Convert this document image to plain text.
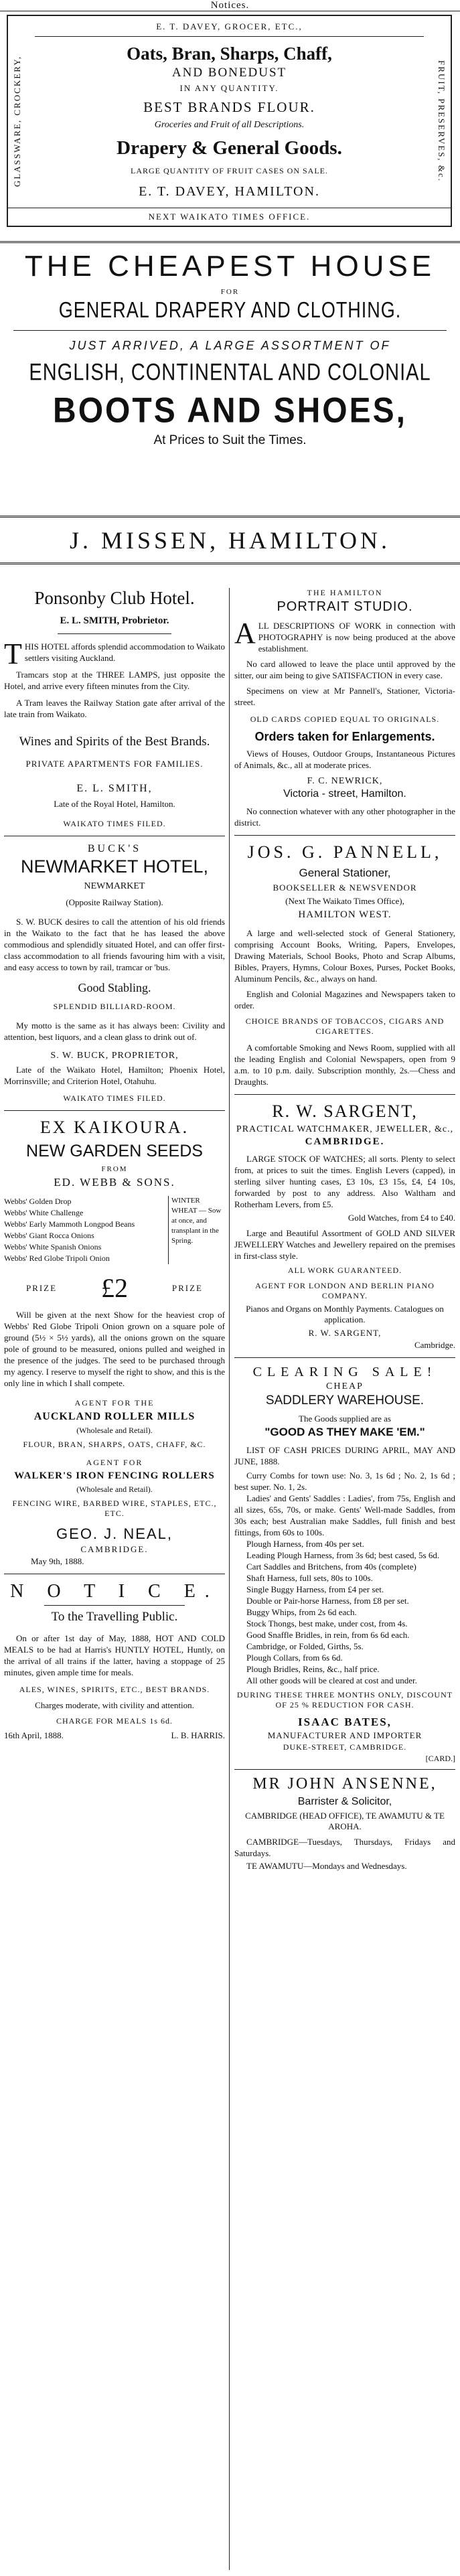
Notices.
GLASSWARE, CROCKERY,	FRUIT, PRESERVES, &c.

E. T. DAVEY, GROCER, ETC.,

Oats, Bran, Sharps, Chaff,

AND BONEDUST

IN ANY QUANTITY.

BEST BRANDS FLOUR.

Groceries and Fruit of all Descriptions.

Drapery & General Goods.

LARGE QUANTITY OF FRUIT CASES ON SALE.

E. T. DAVEY, HAMILTON.

NEXT WAIKATO TIMES OFFICE.

THE CHEAPEST HOUSE

FOR

GENERAL DRAPERY AND CLOTHING.

JUST ARRIVED, A LARGE ASSORTMENT OF

ENGLISH, CONTINENTAL AND COLONIAL

BOOTS AND SHOES,

At Prices to Suit the Times.

J. MISSEN, HAMILTON.

Ponsonby Club Hotel.

E. L. SMITH, Probrietor.

THIS HOTEL affords splendid accommodation to Waikato settlers visiting Auckland.

Tramcars stop at the THREE LAMPS, just opposite the Hotel, and arrive every fifteen minutes from the City.

A Tram leaves the Railway Station gate after arrival of the late train from Waikato.

Wines and Spirits of the Best Brands.

PRIVATE APARTMENTS FOR FAMILIES.

E. L. SMITH,

Late of the Royal Hotel, Hamilton.

WAIKATO TIMES FILED.

BUCK'S

NEWMARKET HOTEL,

NEWMARKET

(Opposite Railway Station).

S. W. BUCK desires to call the attention of his old friends in the Waikato to the fact that he has leased the above commodious and splendidly situated Hotel, and can offer first-class accommodation to all friends favouring him with a visit, and easy access to town by rail, tramcar or 'bus.

Good Stabling.

SPLENDID BILLIARD-ROOM.

My motto is the same as it has always been: Civility and attention, best liquors, and a clean glass to drink out of.

S. W. BUCK, PROPRIETOR,

Late of the Waikato Hotel, Hamilton; Phoenix Hotel, Morrinsville; and Criterion Hotel, Otahuhu.

WAIKATO TIMES FILED.

EX KAIKOURA.

NEW GARDEN SEEDS

FROM

ED. WEBB & SONS.

Webbs' Golden Drop

Webbs' White Challenge

Webbs' Early Mammoth Longpod Beans

Webbs' Giant Rocca Onions

Webbs' White Spanish Onions

Webbs' Red Globe Tripoli Onion

WINTER WHEAT — Sow at once, and transplant in the Spring.
PRIZE £2	PRIZE

Will be given at the next Show for the heaviest crop of Webbs' Red Globe Tripoli Onion grown on a square pole of ground (5½ × 5½ yards), all the onions grown on the square pole of ground to be measured, onions pulled and weighed in the presence of the judges. The seed to be purchased through my agency. I reserve to myself the right to show, and this is the only line in which I shall compete.

AGENT FOR THE

AUCKLAND ROLLER MILLS

(Wholesale and Retail).

FLOUR, BRAN, SHARPS, OATS, CHAFF, &C.

AGENT FOR

WALKER'S IRON FENCING ROLLERS

(Wholesale and Retail).

FENCING WIRE, BARBED WIRE, STAPLES, ETC., ETC.

GEO. J. NEAL,

CAMBRIDGE.

May 9th, 1888.

N O T I C E.

To the Travelling Public.

On or after 1st day of May, 1888, HOT AND COLD MEALS to be had at Harris's HUNTLY HOTEL, Huntly, on the arrival of all trains if the latter, having a stoppage of 25 minutes, given ample time for meals.

ALES, WINES, SPIRITS, ETC., BEST BRANDS.

Charges moderate, with civility and attention.

CHARGE FOR MEALS 1s 6d.

16th April, 1888.	L. B. HARRIS.

THE HAMILTON

PORTRAIT STUDIO.

ALL DESCRIPTIONS OF WORK in connection with PHOTOGRAPHY is now being produced at the above establishment.

No card allowed to leave the place until approved by the sitter, our aim being to give SATISFACTION in every case.

Specimens on view at Mr Pannell's, Stationer, Victoria-street.

OLD CARDS COPIED EQUAL TO ORIGINALS.

Orders taken for Enlargements.

Views of Houses, Outdoor Groups, Instantaneous Pictures of Animals, &c., all at moderate prices.

F. C. NEWRICK,

Victoria - street, Hamilton.

No connection whatever with any other photographer in the district.

JOS. G. PANNELL,

General Stationer,

BOOKSELLER & NEWSVENDOR

(Next The Waikato Times Office),

HAMILTON WEST.

A large and well-selected stock of General Stationery, comprising Account Books, Writing, Papers, Envelopes, Drawing Materials, School Books, Photo and Scrap Albums, Bibles, Prayers, Hymns, Colour Boxes, Purses, Pocket Books, Aluminum Pencils, &c., always on hand.

English and Colonial Magazines and Newspapers taken to order.

CHOICE BRANDS OF TOBACCOS, CIGARS AND CIGARETTES.

A comfortable Smoking and News Room, supplied with all the leading English and Colonial Newspapers, open from 9 a.m. to 10 p.m. daily. Subscription monthly, 2s.—Chess and Draughts.

R. W. SARGENT,

PRACTICAL WATCHMAKER, JEWELLER, &c.,

CAMBRIDGE.

LARGE STOCK OF WATCHES; all sorts. Plenty to select from, at prices to suit the times. English Levers (capped), in sterling silver hunting cases, £3 10s, £3 15s, £4, £4 10s, forwarded by post to any address. Also Waltham and Rotherham Levers, from £5.

Gold Watches, from £4 to £40.

Large and Beautiful Assortment of GOLD AND SILVER JEWELLERY Watches and Jewellery repaired on the premises in first-class style.

ALL WORK GUARANTEED.

AGENT FOR LONDON AND BERLIN PIANO COMPANY.

Pianos and Organs on Monthly Payments. Catalogues on application.

R. W. SARGENT,

Cambridge.

CLEARING SALE!

CHEAP

SADDLERY WAREHOUSE.

The Goods supplied are as

"GOOD AS THEY MAKE 'EM."

LIST OF CASH PRICES DURING APRIL, MAY AND JUNE, 1888.

Curry Combs for town use: No. 3, 1s 6d ; No. 2, 1s 6d ; best super. No. 1, 2s.

Ladies' and Gents' Saddles : Ladies', from 75s, English and all sizes, 65s, 70s, or make. Gents' Well-made Saddles, from 30s each; best Australian make Saddles, full finish and best fittings, from 60s to 100s.

Plough Harness, from 40s per set.

Leading Plough Harness, from 3s 6d; best cased, 5s 6d.

Cart Saddles and Britchens, from 40s (complete)

Shaft Harness, full sets, 80s to 100s.

Single Buggy Harness, from £4 per set.

Double or Pair-horse Harness, from £8 per set.

Buggy Whips, from 2s 6d each.

Stock Thongs, best make, under cost, from 4s.

Good Snaffle Bridles, in rein, from 6s 6d each.

Cambridge, or Folded, Girths, 5s.

Plough Collars, from 6s 6d.

Plough Bridles, Reins, &c., half price.

All other goods will be cleared at cost and under.

DURING THESE THREE MONTHS ONLY, DISCOUNT OF 25 % REDUCTION FOR CASH.

ISAAC BATES,

MANUFACTURER AND IMPORTER

DUKE-STREET, CAMBRIDGE.

[CARD.]

MR JOHN ANSENNE,

Barrister & Solicitor,

CAMBRIDGE (HEAD OFFICE), TE AWAMUTU & TE AROHA.

CAMBRIDGE—Tuesdays, Thursdays, Fridays and Saturdays.

TE AWAMUTU—Mondays and Wednesdays.
